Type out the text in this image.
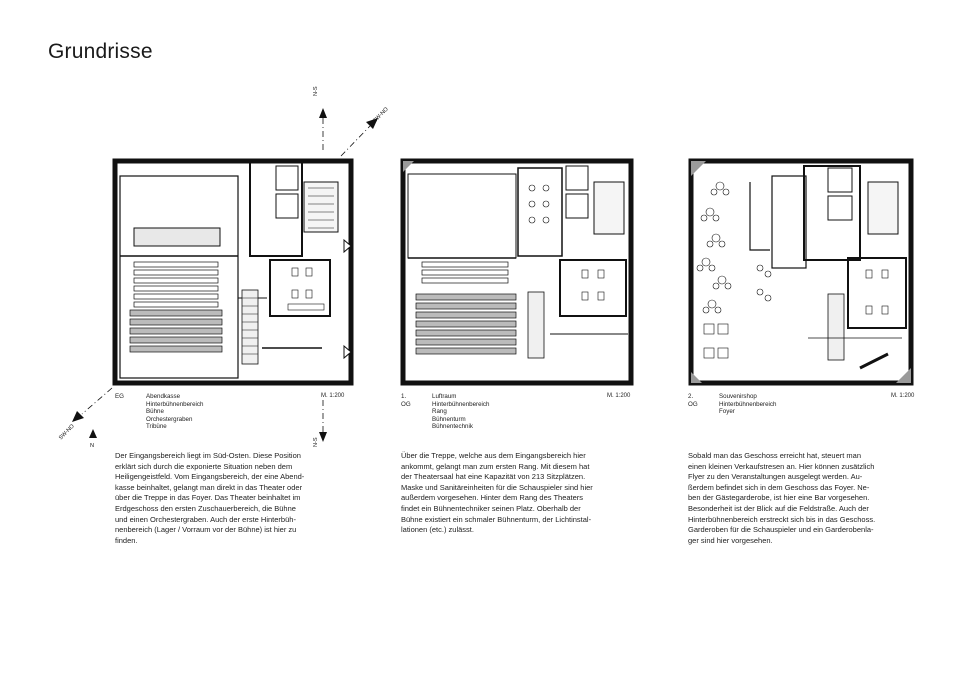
Grundrisse
N-S
SW-NO
SW-NO
N	N-S
EG	Abendkasse
Hinterbühnenbereich
Bühne
Orchestergraben
Tribüne
M. 1:200
Der Eingangsbereich liegt im Süd-Osten. Diese Position
erklärt sich durch die exponierte Situation neben dem
Heiligengeistfeld. Vom Eingangsbereich, der eine Abend-
kasse beinhaltet, gelangt man direkt in das Theater oder
über die Treppe in das Foyer. Das Theater beinhaltet im
Erdgeschoss den ersten Zuschauerbereich, die Bühne
und einen Orchestergraben. Auch der erste Hinterbüh-
nenbereich (Lager / Vorraum vor der Bühne) ist hier zu
finden.
1. OG
Luftraum
Hinterbühnenbereich
Rang
Bühnenturm
Bühnentechnik
M. 1:200
Über die Treppe, welche aus dem Eingangsbereich hier
ankommt, gelangt man zum ersten Rang. Mit diesem hat
der Theatersaal hat eine Kapazität von 213 Sitzplätzen.
Maske und Sanitäreinheiten für die Schauspieler sind hier
außerdem vorgesehen. Hinter dem Rang des Theaters
findet ein Bühnentechniker seinen Platz. Oberhalb der
Bühne existiert ein schmaler Bühnenturm, der Lichtinstal-
lationen (etc.) zulässt.
2. OG
Souvenirshop
Hinterbühnenbereich
Foyer
M. 1:200
Sobald man das Geschoss erreicht hat, steuert man
einen kleinen Verkaufstresen an. Hier können zusätzlich
Flyer zu den Veranstaltungen ausgelegt werden. Au-
ßerdem befindet sich in dem Geschoss das Foyer. Ne-
ben der Gästegarderobe, ist hier eine Bar vorgesehen.
Besonderheit ist der Blick auf die Feldstraße. Auch der
Hinterbühnenbereich erstreckt sich bis in das Geschoss.
Garderoben für die Schauspieler und ein Garderobenla-
ger sind hier vorgesehen.
